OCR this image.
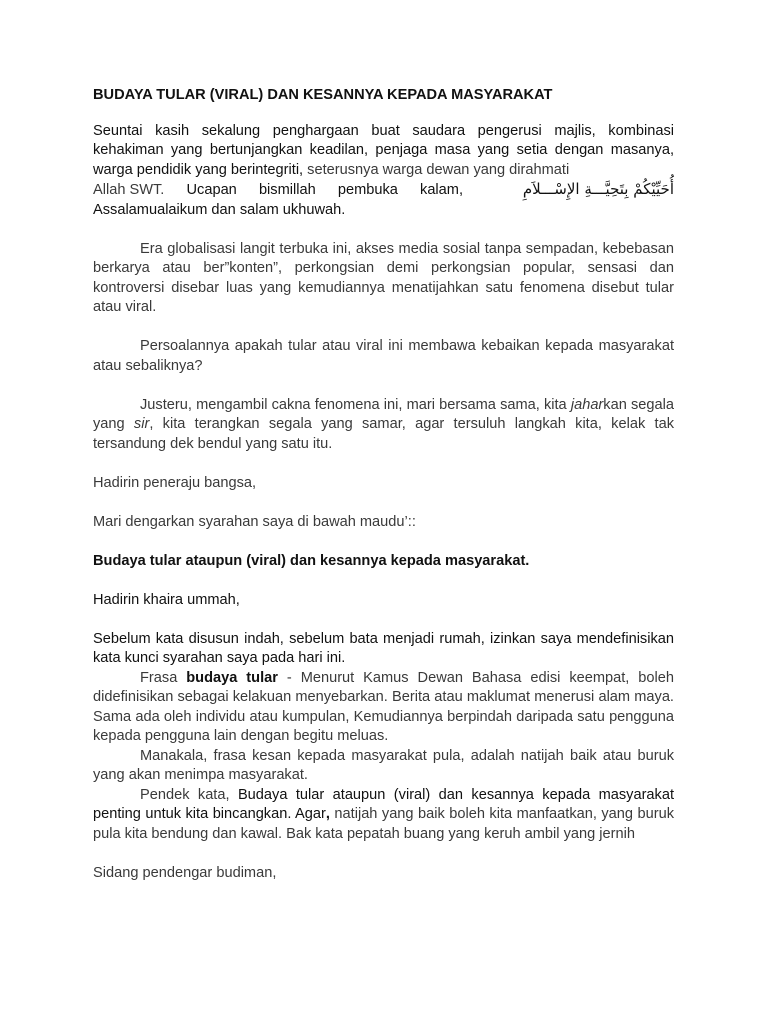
BUDAYA TULAR (VIRAL) DAN KESANNYA KEPADA MASYARAKAT

Seuntai kasih sekalung penghargaan buat saudara pengerusi majlis, kombinasi kehakiman yang bertunjangkan keadilan, penjaga masa yang setia dengan masanya, warga pendidik yang berintegriti, seterusnya warga dewan yang dirahmati

Allah SWT. Ucapan bismillah pembuka kalam,	أُحَيِّيْكُمْ بِتَحِيَّـــةِ الإِسْـــلاَمِ

Assalamualaikum dan salam ukhuwah.

Era globalisasi langit terbuka ini, akses media sosial tanpa sempadan, kebebasan berkarya atau ber”konten”, perkongsian demi perkongsian popular, sensasi dan kontroversi disebar luas yang kemudiannya menatijahkan satu fenomena disebut tular atau viral.

Persoalannya apakah tular atau viral ini membawa kebaikan kepada masyarakat atau sebaliknya?

Justeru, mengambil cakna fenomena ini, mari bersama sama, kita jaharkan segala yang sir, kita terangkan segala yang samar, agar tersuluh langkah kita, kelak tak tersandung dek bendul yang satu itu.

Hadirin peneraju bangsa,

Mari dengarkan syarahan saya di bawah maudu’::

Budaya tular ataupun (viral) dan kesannya kepada masyarakat.

Hadirin khaira ummah,

Sebelum kata disusun indah, sebelum bata menjadi rumah, izinkan saya mendefinisikan kata kunci syarahan saya pada hari ini.

Frasa budaya tular - Menurut Kamus Dewan Bahasa edisi keempat, boleh didefinisikan sebagai kelakuan menyebarkan. Berita atau maklumat menerusi alam maya. Sama ada oleh individu atau kumpulan, Kemudiannya berpindah daripada satu pengguna kepada pengguna lain dengan begitu meluas.

Manakala, frasa kesan kepada masyarakat pula, adalah natijah baik atau buruk yang akan menimpa masyarakat.

Pendek kata, Budaya tular ataupun (viral) dan kesannya kepada masyarakat penting untuk kita bincangkan. Agar, natijah yang baik boleh kita manfaatkan, yang buruk pula kita bendung dan kawal. Bak kata pepatah buang yang keruh ambil yang jernih

Sidang pendengar budiman,
